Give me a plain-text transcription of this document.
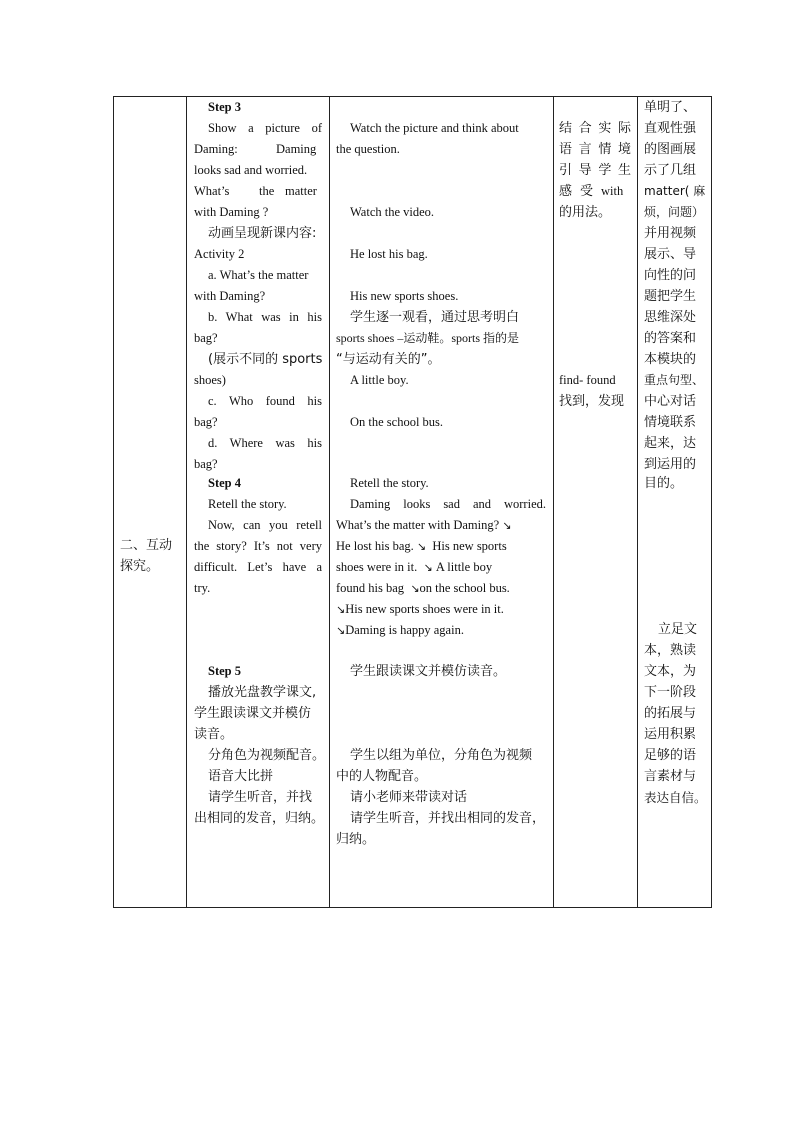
二、互动
探究。
Step 3
Show a picture of
Daming:	Daming
looks sad and worried.
What’s the matter
with Daming ?
动画呈现新课内容:
Activity 2
a. What’s the matter
with Daming?
b. What was in his
bag?
(展示不同的 sports
shoes)
c. Who found his
bag?
d. Where was his
bag?
Step 4
Retell the story.
Now, can you retell
the story? It’s not very
difficult. Let’s have a
try.
Step 5
播放光盘教学课文,
学生跟读课文并模仿
读音。
分角色为视频配音。
语音大比拼
请学生听音，并找
出相同的发音，归纳。
Watch the picture and think about
the question.
Watch the video.
He lost his bag.
His new sports shoes.
学生逐一观看，通过思考明白
sports shoes –运动鞋。sports 指的是
“与运动有关的”。
A little boy.
On the school bus.
Retell the story.
Daming looks sad and worried.
What’s the matter with Daming? ↘
He lost his bag. ↘ His new sports
shoes were in it. ↘ A little boy
found his bag ↘on the school bus.
↘His new sports shoes were in it.
↘Daming is happy again.
学生跟读课文并模仿读音。
学生以组为单位，分角色为视频
中的人物配音。
请小老师来带读对话
请学生听音，并找出相同的发音，
归纳。
结合实际
语言情境
引导学生
感受with
的用法。
find- found
找到，发现
单明了、
直观性强
的图画展
示了几组
matter( 麻
烦，问题）
并用视频
展示、导
向性的问
题把学生
思维深处
的答案和
本模块的
重点句型、
中心对话
情境联系
起来，达
到运用的
目的。
立足文
本，熟读
文本，为
下一阶段
的拓展与
运用积累
足够的语
言素材与
表达自信。
